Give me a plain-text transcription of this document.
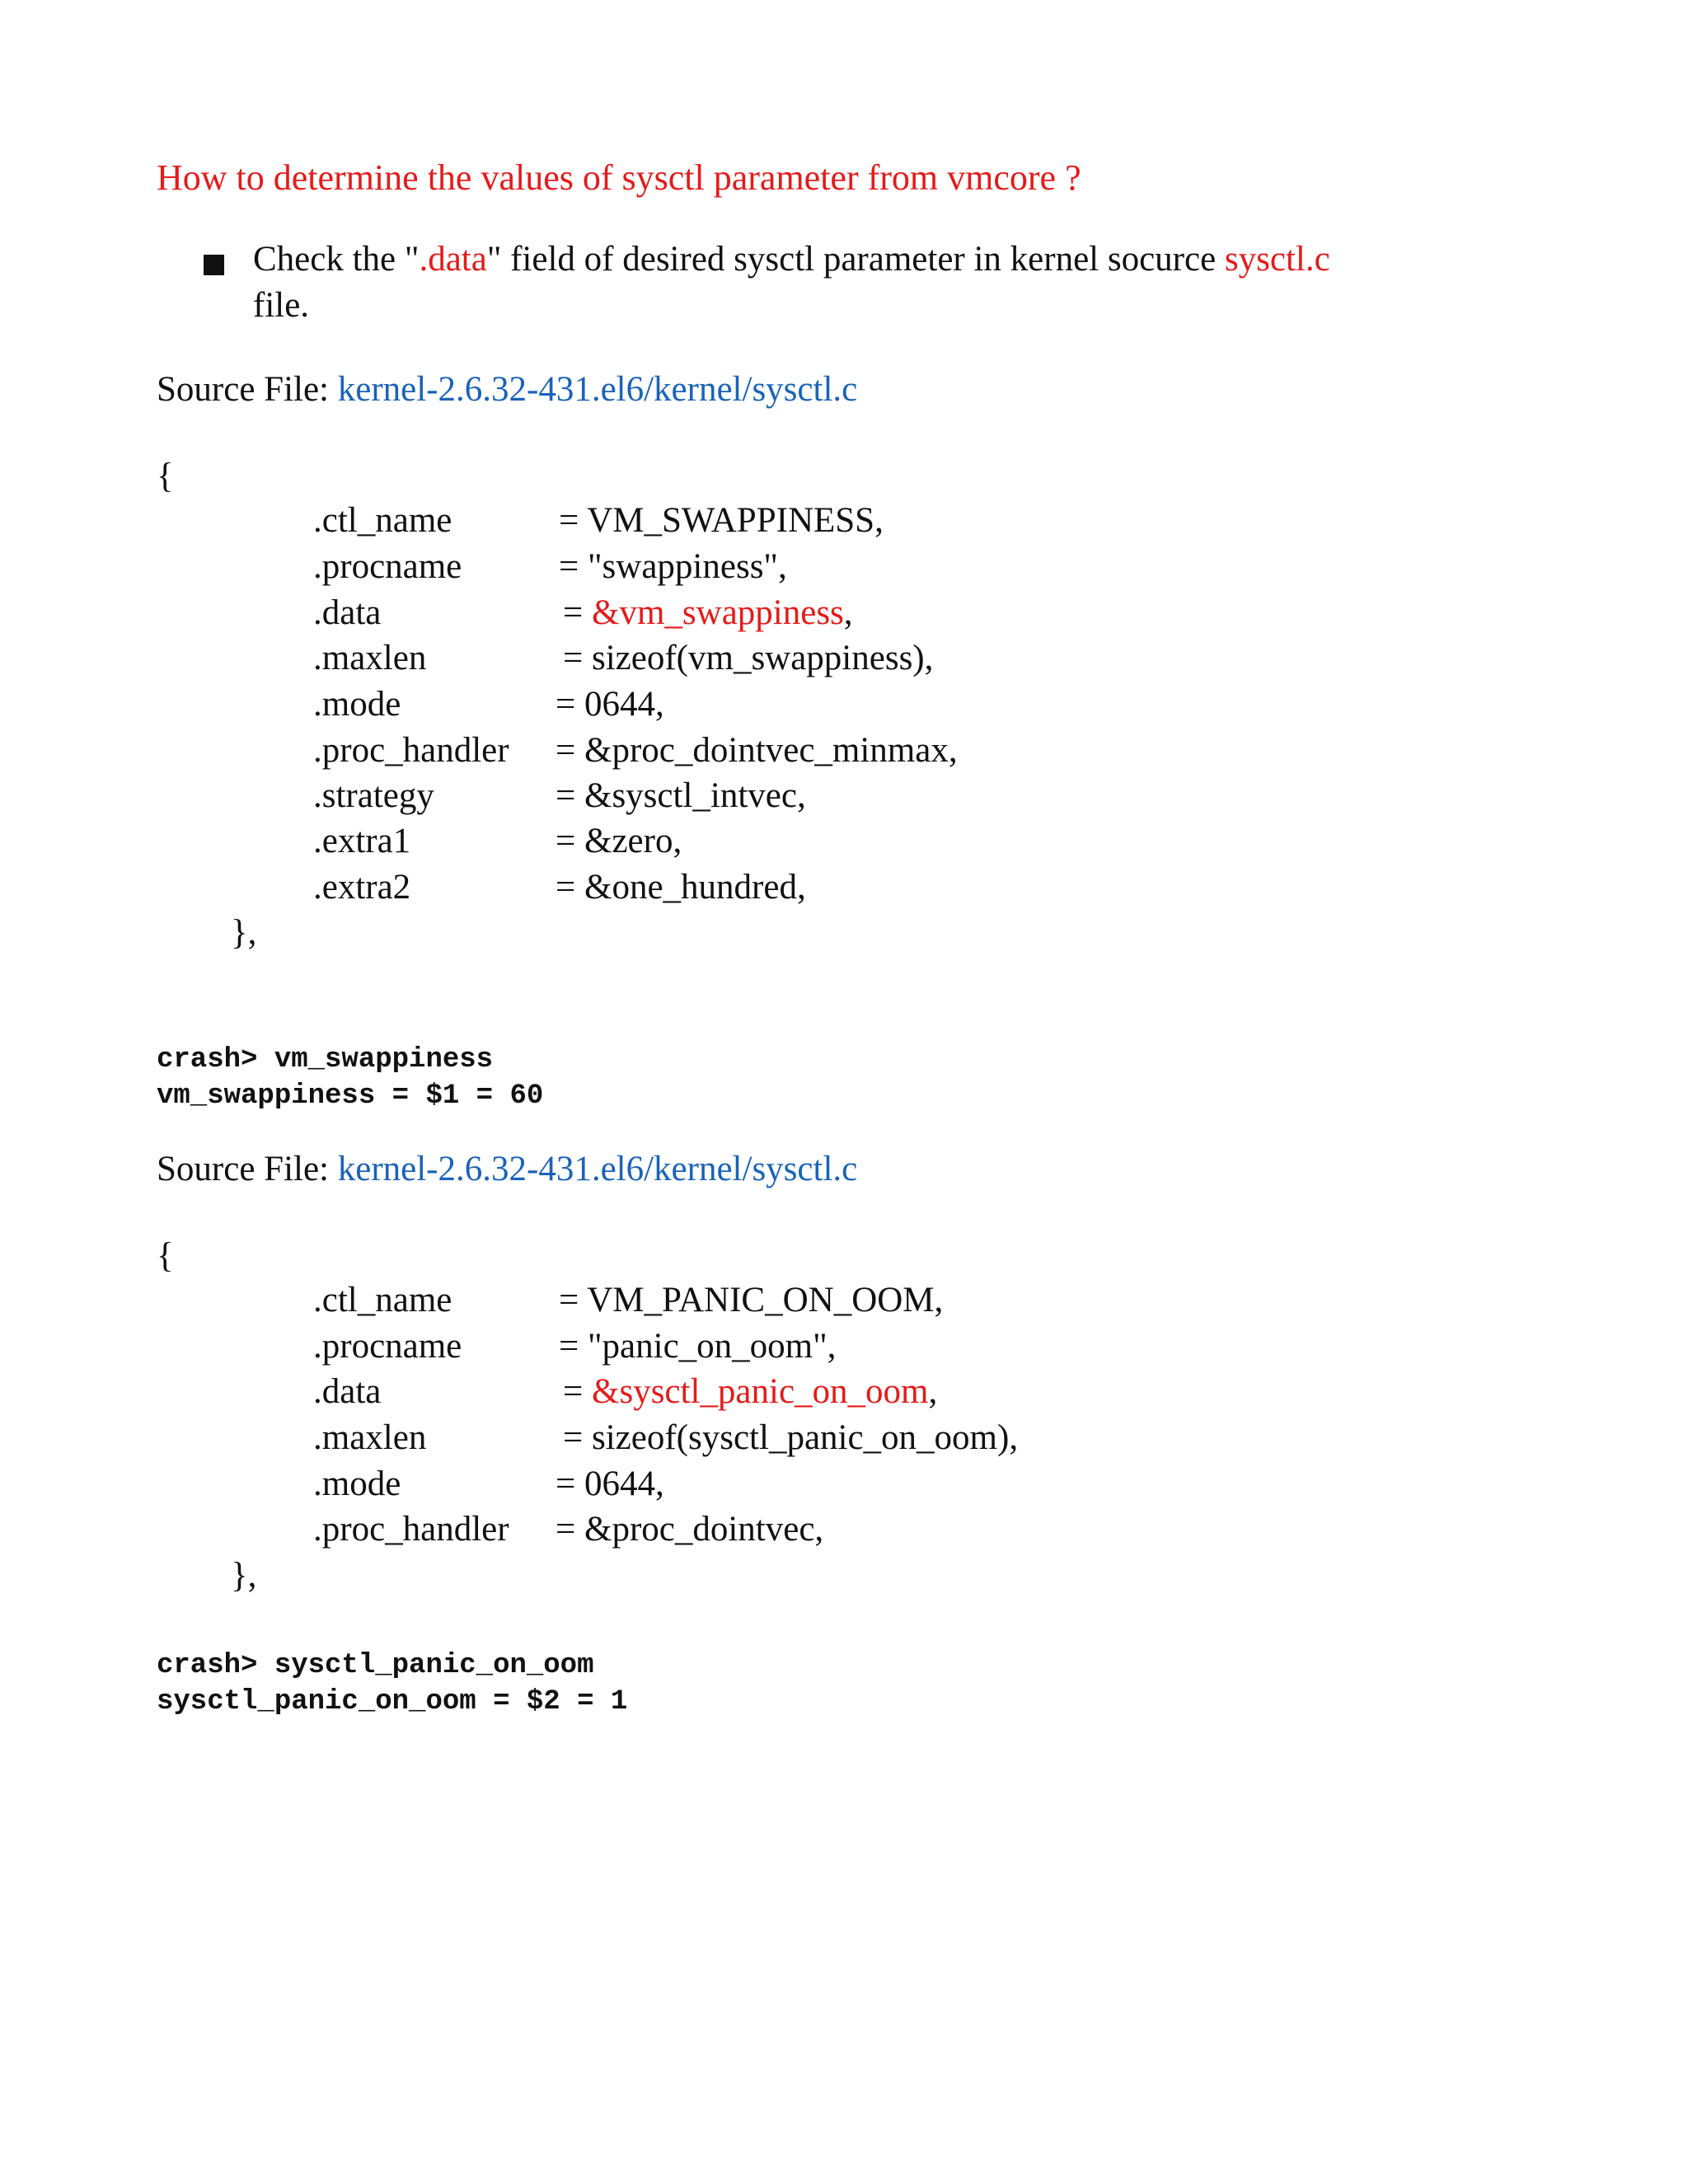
How to determine the values of sysctl parameter from vmcore ?
Check the ".data" field of desired sysctl parameter in kernel socurce sysctl.c
file.
Source File: kernel-2.6.32-431.el6/kernel/sysctl.c
{
.ctl_name	= VM_SWAPPINESS,
.procname	= "swappiness",
.data	= &vm_swappiness,
.maxlen	= sizeof(vm_swappiness),
.mode	= 0644,
.proc_handler = &proc_dointvec_minmax,
.strategy	= &sysctl_intvec,
.extra1	= &zero,
.extra2	= &one_hundred,
},
crash> vm_swappiness
vm_swappiness = $1 = 60
Source File: kernel-2.6.32-431.el6/kernel/sysctl.c
{
.ctl_name	= VM_PANIC_ON_OOM,
.procname	= "panic_on_oom",
.data	= &sysctl_panic_on_oom,
.maxlen	= sizeof(sysctl_panic_on_oom),
.mode	= 0644,
.proc_handler = &proc_dointvec,
},
crash> sysctl_panic_on_oom
sysctl_panic_on_oom = $2 = 1
